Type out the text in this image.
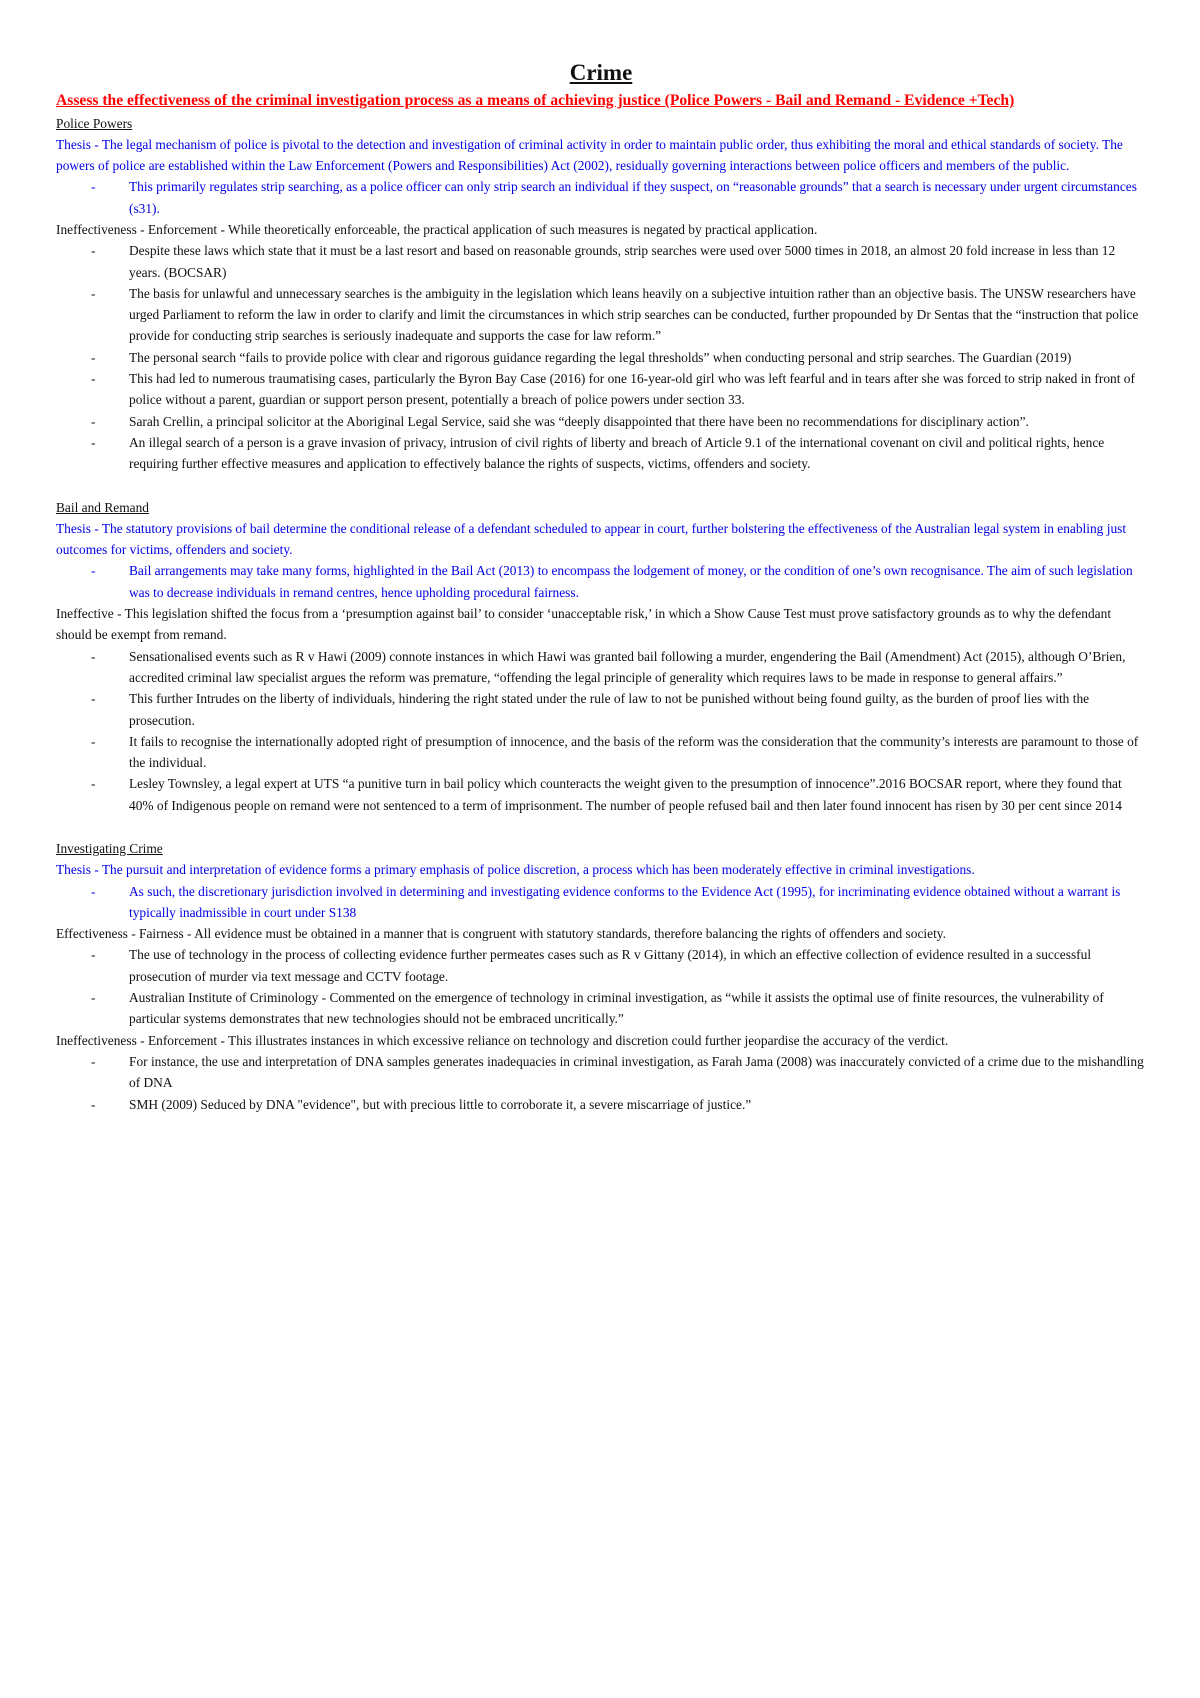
Crime

Assess the effectiveness of the criminal investigation process as a means of achieving justice (Police Powers - Bail and Remand - Evidence +Tech)

Police Powers

Thesis - The legal mechanism of police is pivotal to the detection and investigation of criminal activity in order to maintain public order, thus exhibiting the moral and ethical standards of society. The powers of police are established within the Law Enforcement (Powers and Responsibilities) Act (2002), residually governing interactions between police officers and members of the public.

-	This primarily regulates strip searching, as a police officer can only strip search an individual if they suspect, on “reasonable grounds” that a search is necessary under urgent circumstances (s31).

Ineffectiveness - Enforcement - While theoretically enforceable, the practical application of such measures is negated by practical application.

-	Despite these laws which state that it must be a last resort and based on reasonable grounds, strip searches were used over 5000 times in 2018, an almost 20 fold increase in less than 12 years. (BOCSAR)
-	The basis for unlawful and unnecessary searches is the ambiguity in the legislation which leans heavily on a subjective intuition rather than an objective basis. The UNSW researchers have urged Parliament to reform the law in order to clarify and limit the circumstances in which strip searches can be conducted, further propounded by Dr Sentas that the “instruction that police provide for conducting strip searches is seriously inadequate and supports the case for law reform.”
-	The personal search “fails to provide police with clear and rigorous guidance regarding the legal thresholds” when conducting personal and strip searches. The Guardian (2019)
-	This had led to numerous traumatising cases, particularly the Byron Bay Case (2016) for one 16-year-old girl who was left fearful and in tears after she was forced to strip naked in front of police without a parent, guardian or support person present, potentially a breach of police powers under section 33.
-	Sarah Crellin, a principal solicitor at the Aboriginal Legal Service, said she was “deeply disappointed that there have been no recommendations for disciplinary action”.
-	An illegal search of a person is a grave invasion of privacy, intrusion of civil rights of liberty and breach of Article 9.1 of the international covenant on civil and political rights, hence requiring further effective measures and application to effectively balance the rights of suspects, victims, offenders and society.

Bail and Remand

Thesis - The statutory provisions of bail determine the conditional release of a defendant scheduled to appear in court, further bolstering the effectiveness of the Australian legal system in enabling just outcomes for victims, offenders and society.

-	Bail arrangements may take many forms, highlighted in the Bail Act (2013) to encompass the lodgement of money, or the condition of one’s own recognisance. The aim of such legislation was to decrease individuals in remand centres, hence upholding procedural fairness.

Ineffective - This legislation shifted the focus from a ‘presumption against bail’ to consider ‘unacceptable risk,’ in which a Show Cause Test must prove satisfactory grounds as to why the defendant should be exempt from remand.

-	Sensationalised events such as R v Hawi (2009) connote instances in which Hawi was granted bail following a murder, engendering the Bail (Amendment) Act (2015), although O’Brien, accredited criminal law specialist argues the reform was premature, “offending the legal principle of generality which requires laws to be made in response to general affairs.”
-	This further Intrudes on the liberty of individuals, hindering the right stated under the rule of law to not be punished without being found guilty, as the burden of proof lies with the prosecution.
-	It fails to recognise the internationally adopted right of presumption of innocence, and the basis of the reform was the consideration that the community’s interests are paramount to those of the individual.
-	Lesley Townsley, a legal expert at UTS “a punitive turn in bail policy which counteracts the weight given to the presumption of innocence”.2016 BOCSAR report, where they found that 40% of Indigenous people on remand were not sentenced to a term of imprisonment. The number of people refused bail and then later found innocent has risen by 30 per cent since 2014

Investigating Crime

Thesis - The pursuit and interpretation of evidence forms a primary emphasis of police discretion, a process which has been moderately effective in criminal investigations.

-	As such, the discretionary jurisdiction involved in determining and investigating evidence conforms to the Evidence Act (1995), for incriminating evidence obtained without a warrant is typically inadmissible in court under S138

Effectiveness - Fairness - All evidence must be obtained in a manner that is congruent with statutory standards, therefore balancing the rights of offenders and society.

-	The use of technology in the process of collecting evidence further permeates cases such as R v Gittany (2014), in which an effective collection of evidence resulted in a successful prosecution of murder via text message and CCTV footage.
-	Australian Institute of Criminology - Commented on the emergence of technology in criminal investigation, as “while it assists the optimal use of finite resources, the vulnerability of particular systems demonstrates that new technologies should not be embraced uncritically.”

Ineffectiveness - Enforcement - This illustrates instances in which excessive reliance on technology and discretion could further jeopardise the accuracy of the verdict.

-	For instance, the use and interpretation of DNA samples generates inadequacies in criminal investigation, as Farah Jama (2008) was inaccurately convicted of a crime due to the mishandling of DNA
-	SMH (2009) Seduced by DNA "evidence", but with precious little to corroborate it, a severe miscarriage of justice.”
